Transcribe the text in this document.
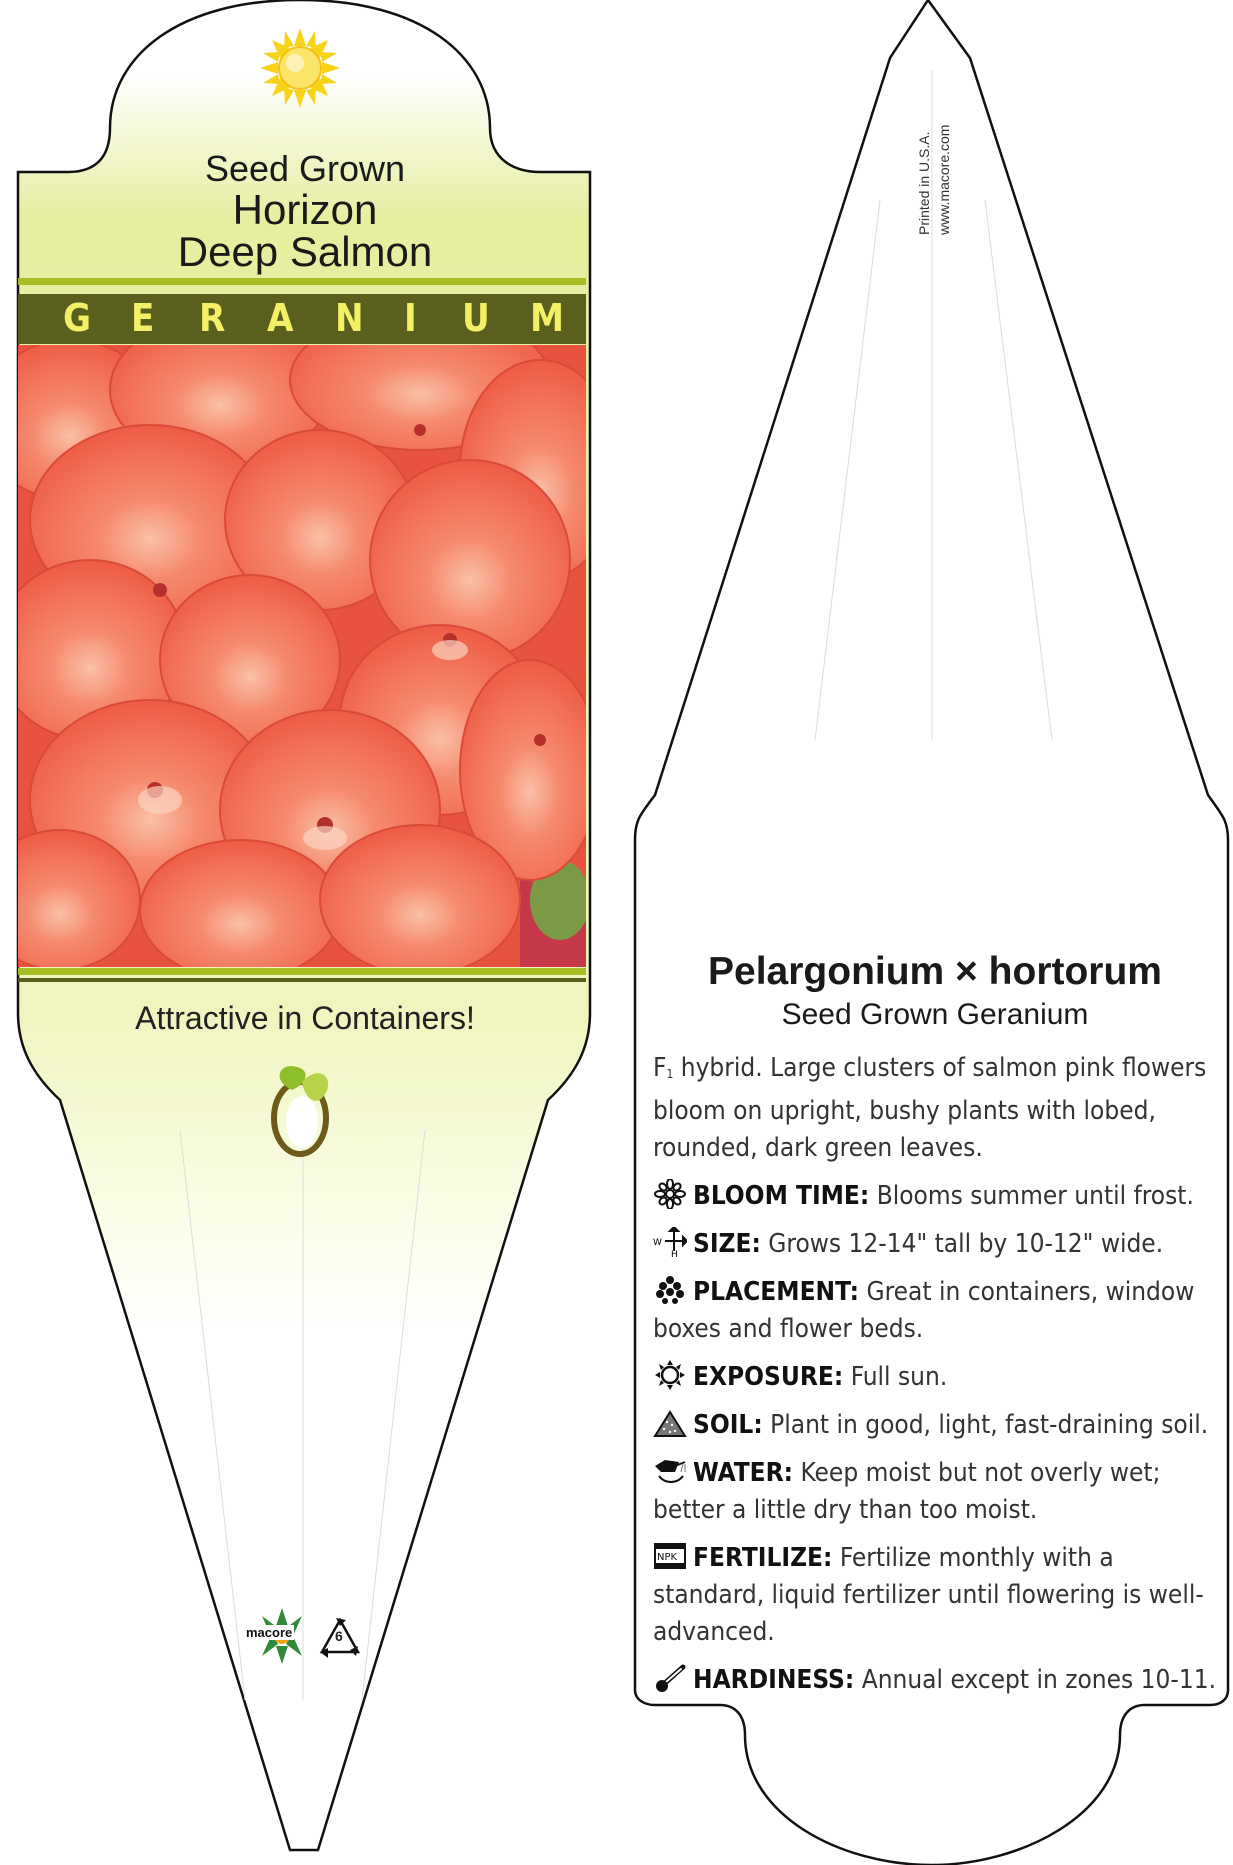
Seed Grown
Horizon
Deep Salmon
G E R A N I U M
Attractive in Containers!
macore	6
Printed in U.S.A. www.macore.com
Pelargonium × hortorum
Seed Grown Geranium
F1 hybrid. Large clusters of salmon pink flowers bloom on upright, bushy plants with lobed, rounded, dark green leaves.
BLOOM TIME: Blooms summer until frost.
W
H SIZE: Grows 12-14" tall by 10-12" wide.
PLACEMENT: Great in containers, window boxes and flower beds.
EXPOSURE: Full sun.
SOIL: Plant in good, light, fast-draining soil.
WATER: Keep moist but not overly wet; better a little dry than too moist.
NPK FERTILIZE: Fertilize monthly with a standard, liquid fertilizer until flowering is well-advanced.
HARDINESS: Annual except in zones 10-11.
